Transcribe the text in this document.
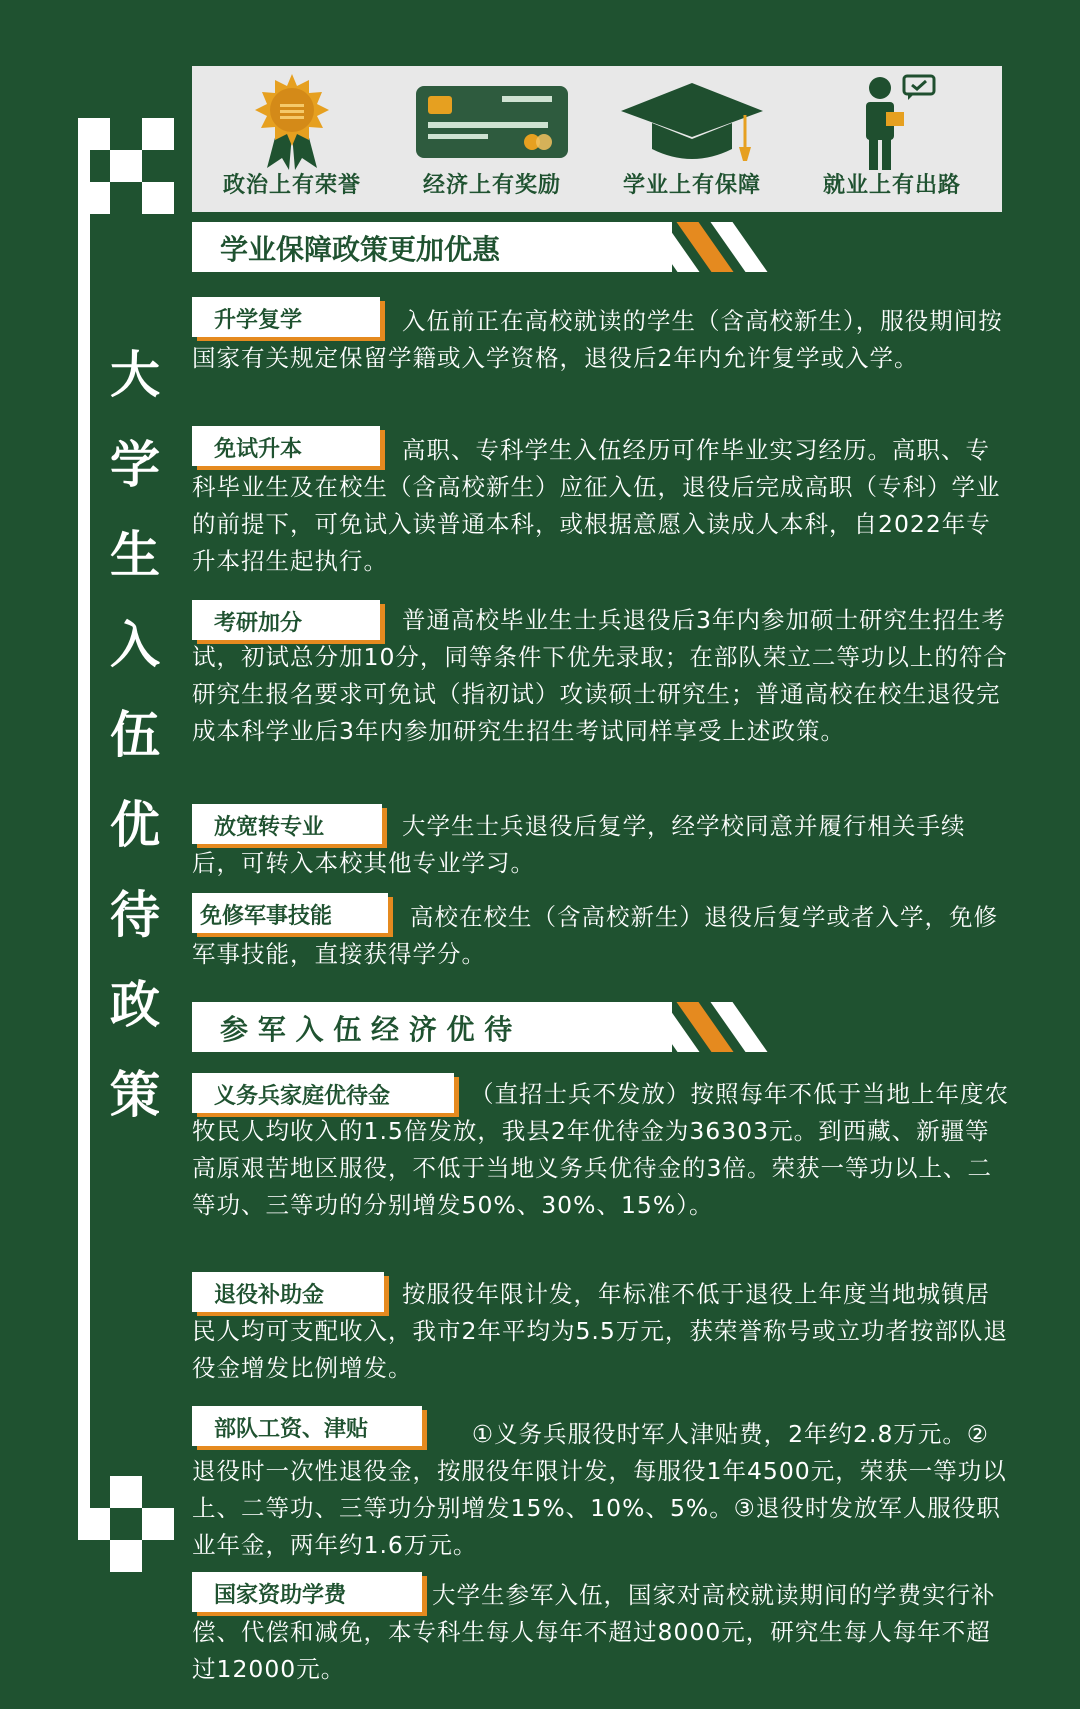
大
学
生
入
伍
优
待
政
策
政治上有荣誉	经济上有奖励	学业上有保障	就业上有出路
学业保障政策更加优惠
升学复学	入伍前正在高校就读的学生（含高校新生），服役期间按国家有关规定保留学籍或入学资格，退役后2年内允许复学或入学。
免试升本	高职、专科学生入伍经历可作毕业实习经历。高职、专科毕业生及在校生（含高校新生）应征入伍，退役后完成高职（专科）学业的前提下，可免试入读普通本科，或根据意愿入读成人本科，自2022年专升本招生起执行。
考研加分	普通高校毕业生士兵退役后3年内参加硕士研究生招生考试，初试总分加10分，同等条件下优先录取；在部队荣立二等功以上的符合研究生报名要求可免试（指初试）攻读硕士研究生；普通高校在校生退役完成本科学业后3年内参加研究生招生考试同样享受上述政策。
放宽转专业	大学生士兵退役后复学，经学校同意并履行相关手续后，可转入本校其他专业学习。
免修军事技能	高校在校生（含高校新生）退役后复学或者入学，免修军事技能，直接获得学分。
参 军 入 伍 经 济 优 待
义务兵家庭优待金	（直招士兵不发放）按照每年不低于当地上年度农牧民人均收入的1.5倍发放，我县2年优待金为36303元。到西藏、新疆等高原艰苦地区服役，不低于当地义务兵优待金的3倍。荣获一等功以上、二等功、三等功的分别增发50%、30%、15%）。
退役补助金	按服役年限计发，年标准不低于退役上年度当地城镇居民人均可支配收入，我市2年平均为5.5万元，获荣誉称号或立功者按部队退役金增发比例增发。
部队工资、津贴	①义务兵服役时军人津贴费，2年约2.8万元。②退役时一次性退役金，按服役年限计发，每服役1年4500元，荣获一等功以上、二等功、三等功分别增发15%、10%、5%。③退役时发放军人服役职业年金，两年约1.6万元。
国家资助学费	大学生参军入伍，国家对高校就读期间的学费实行补偿、代偿和减免，本专科生每人每年不超过8000元，研究生每人每年不超过12000元。
